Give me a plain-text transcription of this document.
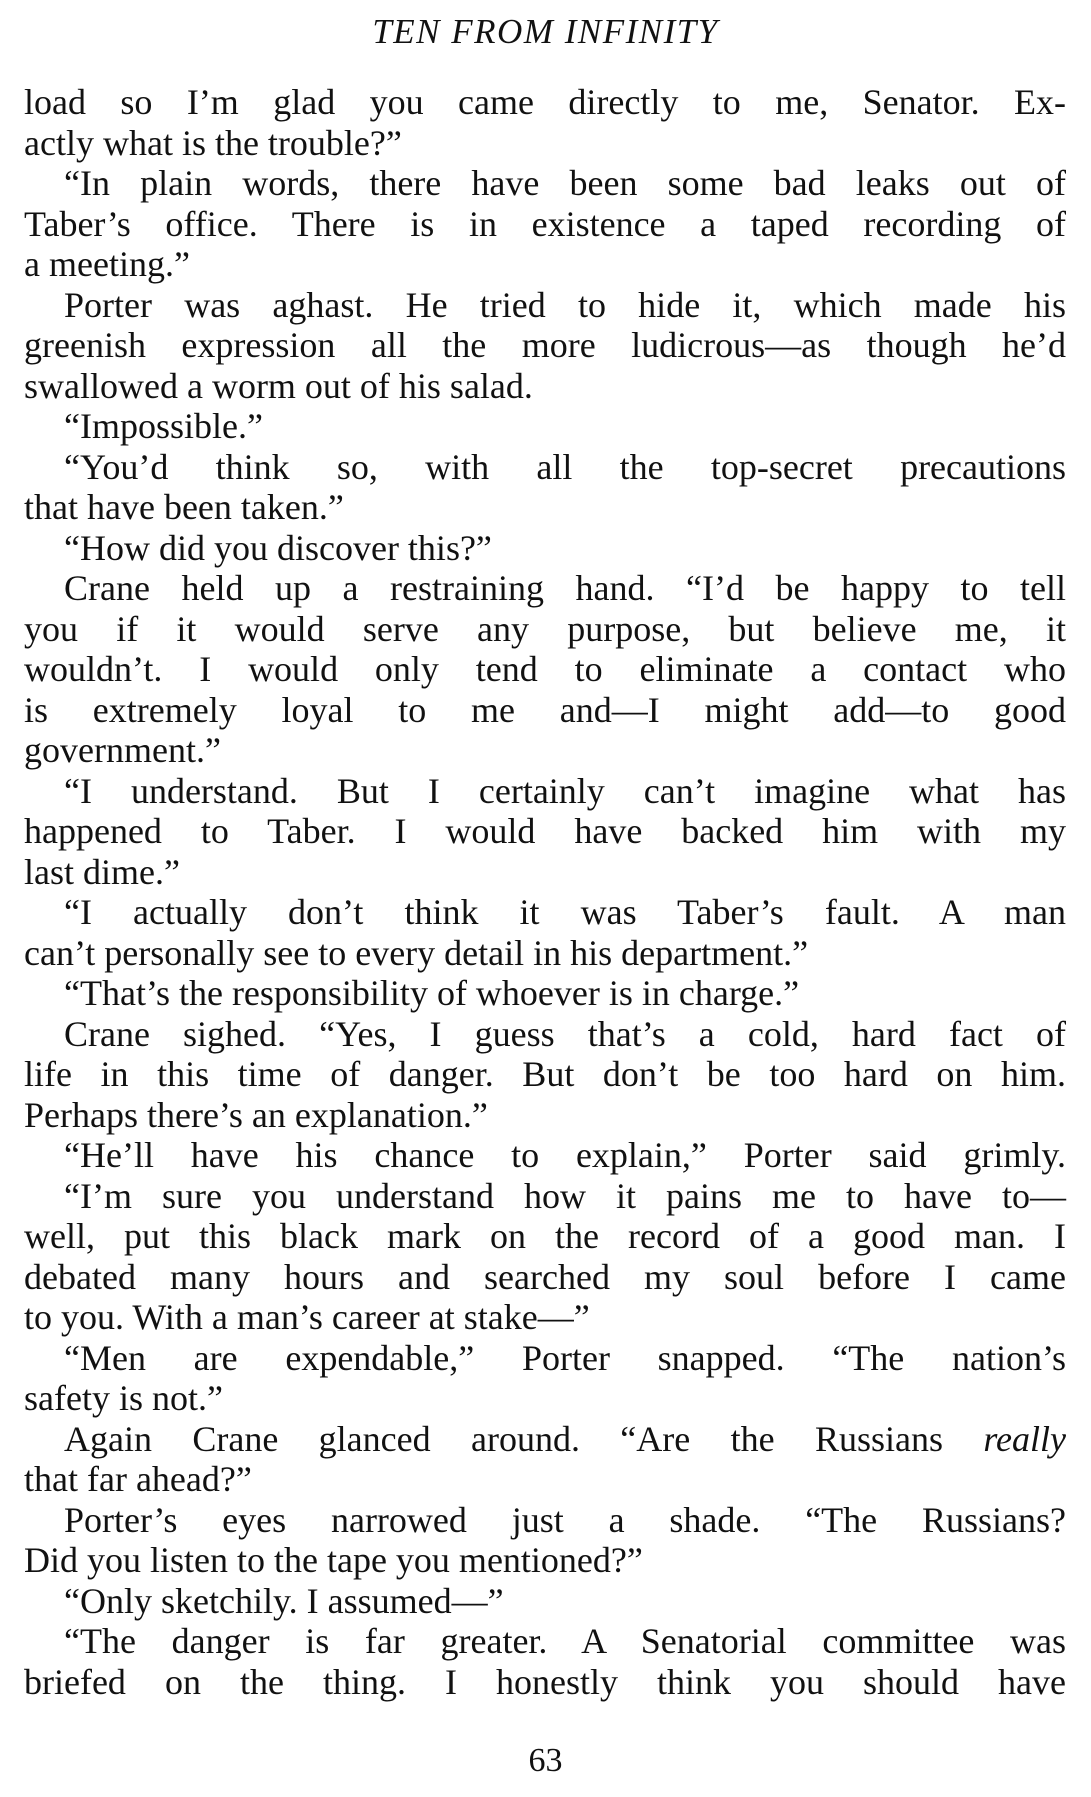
TEN FROM INFINITY
load so I’m glad you came directly to me, Senator. Ex-
actly what is the trouble?”
“In plain words, there have been some bad leaks out of
Taber’s office. There is in existence a taped recording of
a meeting.”
Porter was aghast. He tried to hide it, which made his
greenish expression all the more ludicrous—as though he’d
swallowed a worm out of his salad.
“Impossible.”
“You’d think so, with all the top-secret precautions
that have been taken.”
“How did you discover this?”
Crane held up a restraining hand. “I’d be happy to tell
you if it would serve any purpose, but believe me, it
wouldn’t. I would only tend to eliminate a contact who
is extremely loyal to me and—I might add—to good
government.”
“I understand. But I certainly can’t imagine what has
happened to Taber. I would have backed him with my
last dime.”
“I actually don’t think it was Taber’s fault. A man
can’t personally see to every detail in his department.”
“That’s the responsibility of whoever is in charge.”
Crane sighed. “Yes, I guess that’s a cold, hard fact of
life in this time of danger. But don’t be too hard on him.
Perhaps there’s an explanation.”
“He’ll have his chance to explain,” Porter said grimly.
“I’m sure you understand how it pains me to have to—
well, put this black mark on the record of a good man. I
debated many hours and searched my soul before I came
to you. With a man’s career at stake—”
“Men are expendable,” Porter snapped. “The nation’s
safety is not.”
Again Crane glanced around. “Are the Russians really
that far ahead?”
Porter’s eyes narrowed just a shade. “The Russians?
Did you listen to the tape you mentioned?”
“Only sketchily. I assumed—”
“The danger is far greater. A Senatorial committee was
briefed on the thing. I honestly think you should have
63
